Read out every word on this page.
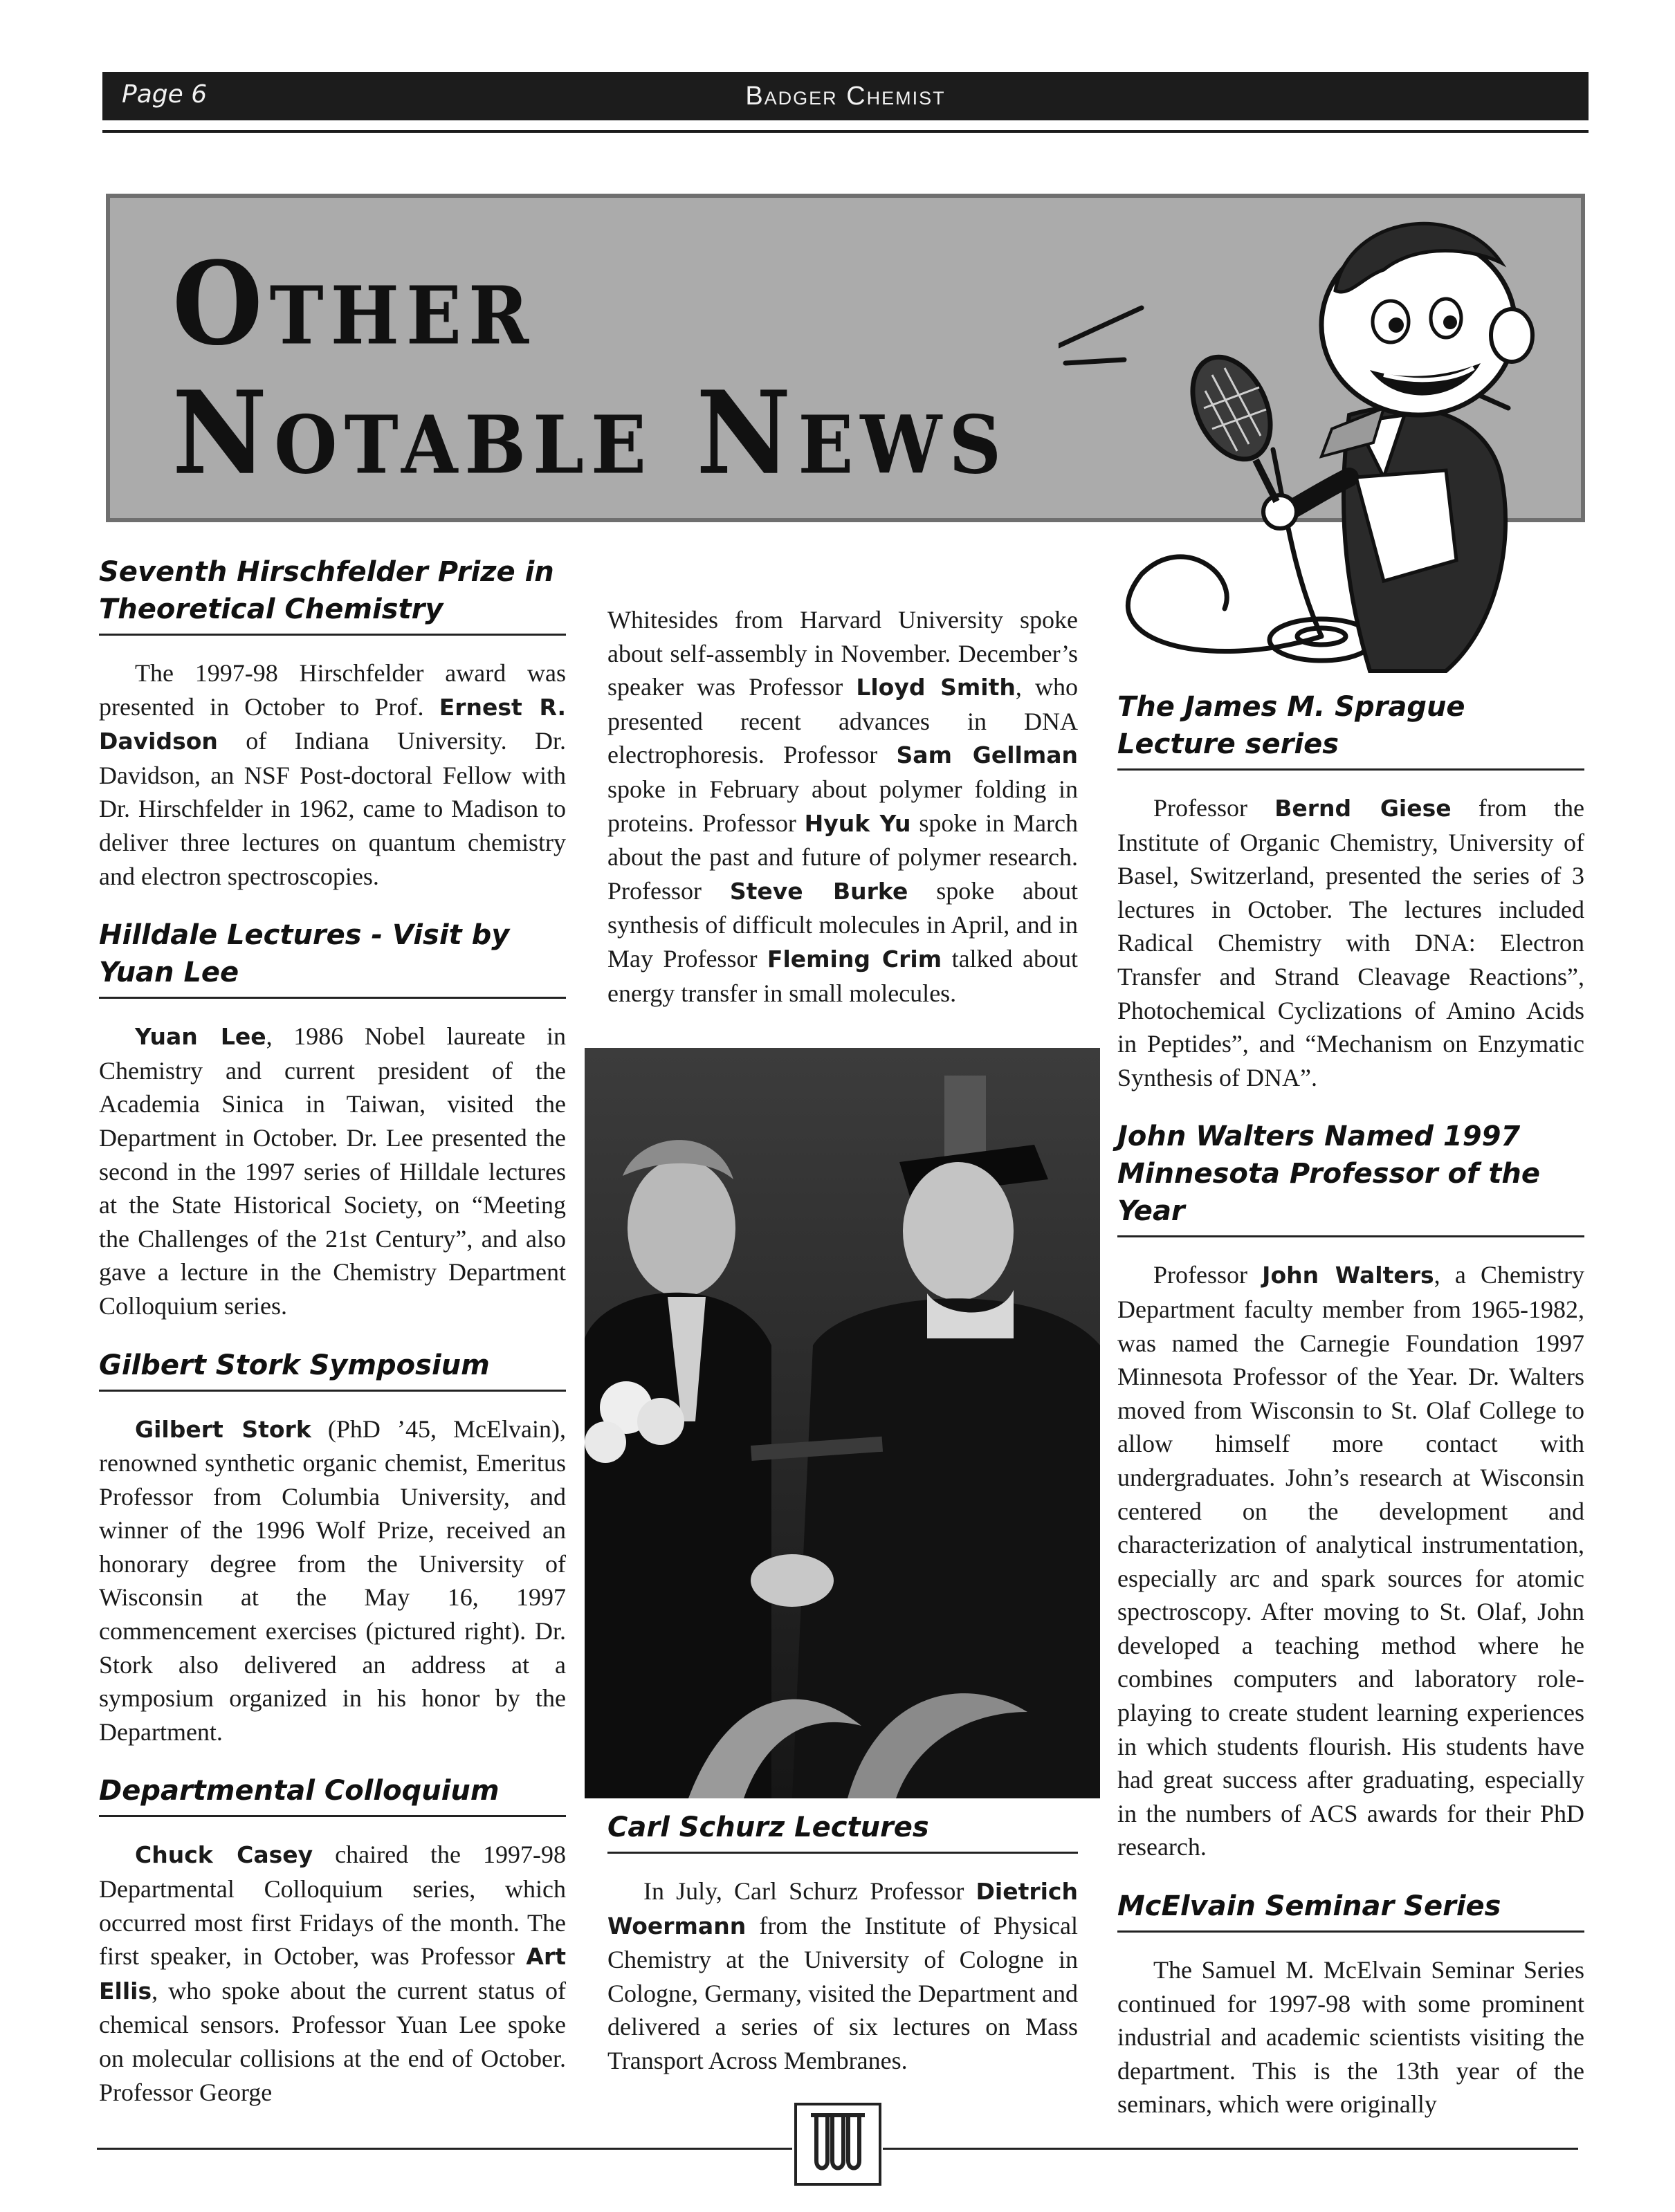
Page 6	Badger Chemist
Other
Notable News
Seventh Hirschfelder Prize in Theoretical Chemistry

The 1997-98 Hirschfelder award was presented in October to Prof. Ernest R. Davidson of Indiana University. Dr. Davidson, an NSF Post-doctoral Fellow with Dr. Hirschfelder in 1962, came to Madison to deliver three lectures on quantum chemistry and electron spectroscopies.

Hilldale Lectures - Visit by Yuan Lee

Yuan Lee, 1986 Nobel laureate in Chemistry and current president of the Academia Sinica in Taiwan, visited the Department in October. Dr. Lee presented the second in the 1997 series of Hilldale lectures at the State Historical Society, on “Meeting the Challenges of the 21st Century”, and also gave a lecture in the Chemistry Department Colloquium series.

Gilbert Stork Symposium

Gilbert Stork (PhD ’45, McElvain), renowned synthetic organic chemist, Emeritus Professor from Columbia University, and winner of the 1996 Wolf Prize, received an honorary degree from the University of Wisconsin at the May 16, 1997 commencement exercises (pictured right). Dr. Stork also delivered an address at a symposium organized in his honor by the Department.

Departmental Colloquium

Chuck Casey chaired the 1997-98 Departmental Colloquium series, which occurred most first Fridays of the month. The first speaker, in October, was Professor Art Ellis, who spoke about the current status of chemical sensors. Professor Yuan Lee spoke on molecular collisions at the end of October. Professor George

Whitesides from Harvard University spoke about self-assembly in November. December’s speaker was Professor Lloyd Smith, who presented recent advances in DNA electrophoresis. Professor Sam Gellman spoke in February about polymer folding in proteins. Professor Hyuk Yu spoke in March about the past and future of polymer research. Professor Steve Burke spoke about synthesis of difficult molecules in April, and in May Professor Fleming Crim talked about energy transfer in small molecules.

Carl Schurz Lectures

In July, Carl Schurz Professor Dietrich Woermann from the Institute of Physical Chemistry at the University of Cologne in Cologne, Germany, visited the Department and delivered a series of six lectures on Mass Transport Across Membranes.

The James M. Sprague Lecture series

Professor Bernd Giese from the Institute of Organic Chemistry, University of Basel, Switzerland, presented the series of 3 lectures in October. The lectures included Radical Chemistry with DNA: Electron Transfer and Strand Cleavage Reactions”, Photochemical Cyclizations of Amino Acids in Peptides”, and “Mechanism on Enzymatic Synthesis of DNA”.

John Walters Named 1997 Minnesota Professor of the Year

Professor John Walters, a Chemistry Department faculty member from 1965-1982, was named the Carnegie Foundation 1997 Minnesota Professor of the Year. Dr. Walters moved from Wisconsin to St. Olaf College to allow himself more contact with undergraduates. John’s research at Wisconsin centered on the development and characterization of analytical instrumentation, especially arc and spark sources for atomic spectroscopy. After moving to St. Olaf, John developed a teaching method where he combines computers and laboratory role-playing to create student learning experiences in which students flourish. His students have had great success after graduating, especially in the numbers of ACS awards for their PhD research.

McElvain Seminar Series

The Samuel M. McElvain Seminar Series continued for 1997-98 with some prominent industrial and academic scientists visiting the department. This is the 13th year of the seminars, which were originally
